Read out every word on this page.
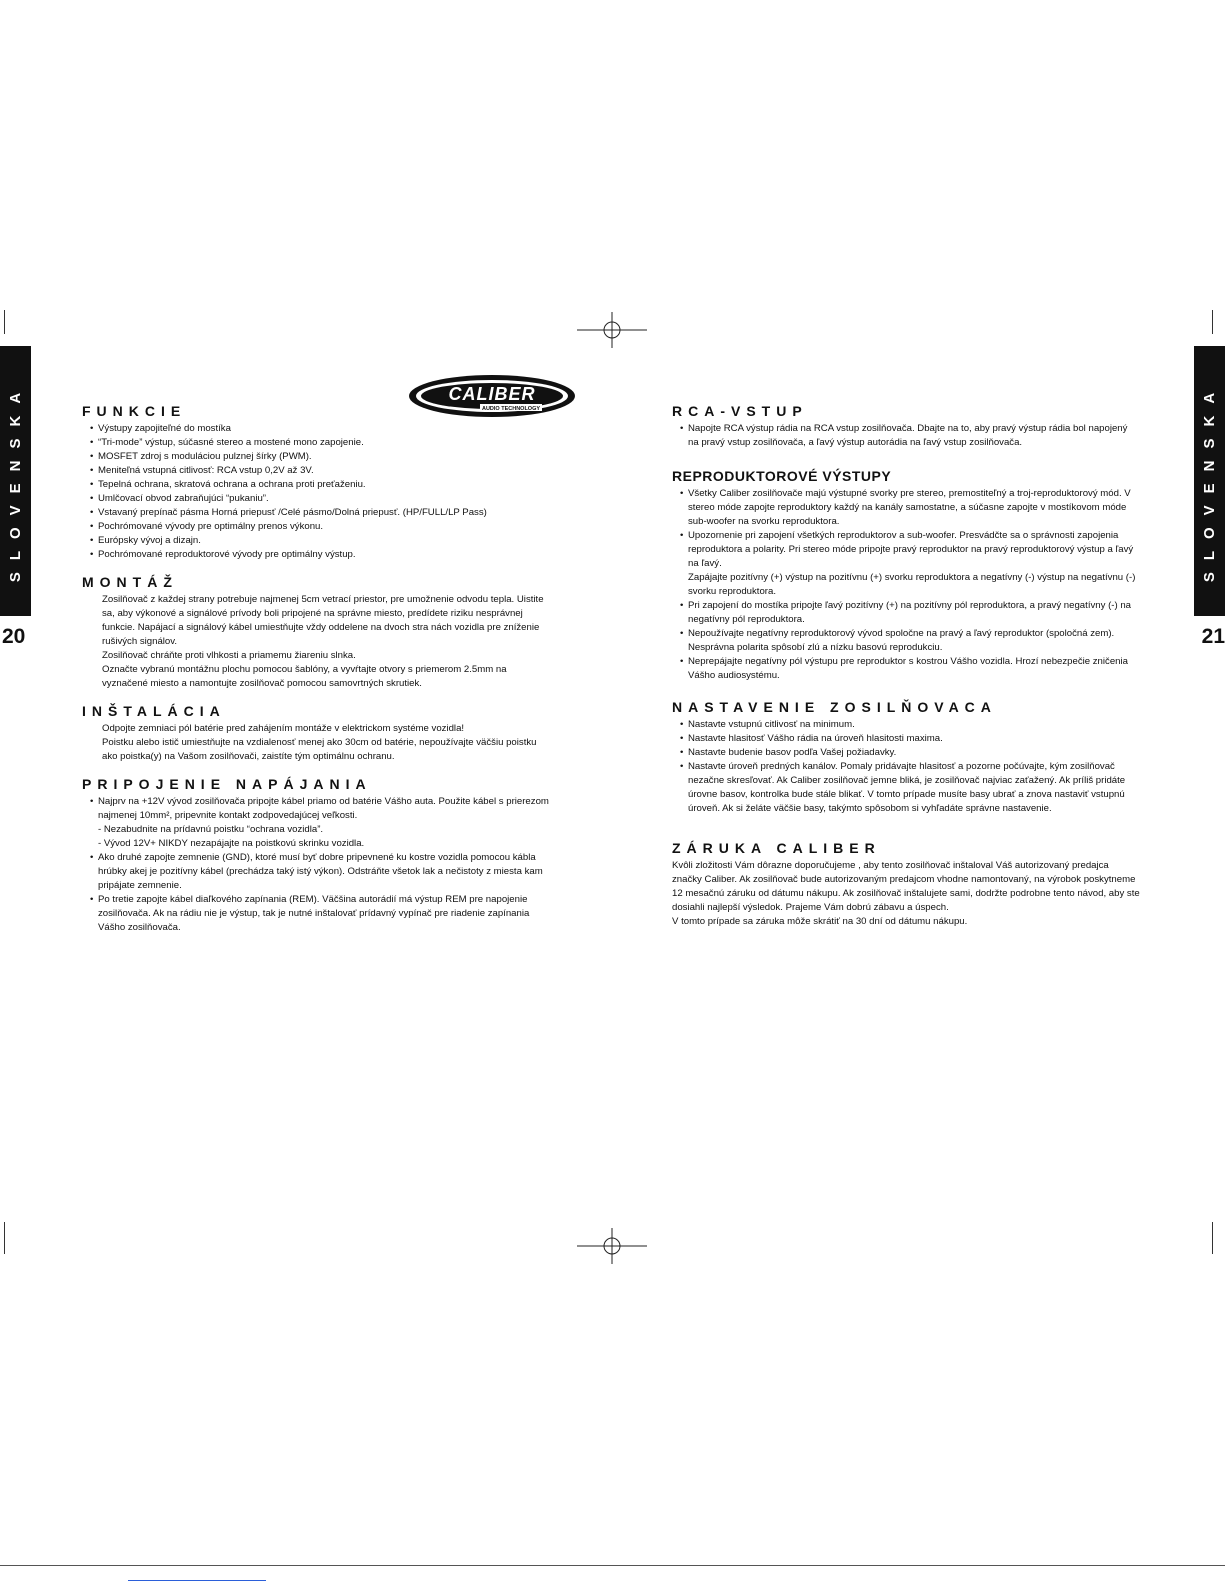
SLOVENSKA	SLOVENSKA
20	21
CALIBER
AUDIO TECHNOLOGY
FUNKCIE
• Výstupy zapojiteľné do mostíka
• “Tri-mode” výstup, súčasné stereo a mostené mono zapojenie.
• MOSFET zdroj s moduláciou pulznej šírky (PWM).
• Meniteľná vstupná citlivosť: RCA vstup 0,2V až 3V.
• Tepelná ochrana, skratová ochrana a ochrana proti preťaženiu.
• Umlčovací obvod zabraňujúci “pukaniu”.
• Vstavaný prepínač pásma Horná priepusť /Celé pásmo/Dolná priepusť. (HP/FULL/LP Pass)
• Pochrómované vývody pre optimálny prenos výkonu.
• Európsky vývoj a dizajn.
• Pochrómované reproduktorové vývody pre optimálny výstup.
MONTÁŽ

Zosilňovač z každej strany potrebuje najmenej 5cm vetrací priestor, pre umožnenie odvodu tepla. Uistite sa, aby výkonové a signálové prívody boli pripojené na správne miesto, predídete riziku nesprávnej funkcie. Napájací a signálový kábel umiestňujte vždy oddelene na dvoch stra nách vozidla pre zníženie rušivých signálov.

Zosilňovač chráňte proti vlhkosti a priamemu žiareniu slnka.

Označte vybranú montážnu plochu pomocou šablóny, a vyvŕtajte otvory s priemerom 2.5mm na vyznačené miesto a namontujte zosilňovač pomocou samovrtných skrutiek.

INŠTALÁCIA

Odpojte zemniaci pól batérie pred zahájením montáže v elektrickom systéme vozidla!

Poistku alebo istič umiestňujte na vzdialenosť menej ako 30cm od batérie, nepoužívajte väčšiu poistku ako poistka(y) na Vašom zosilňovači, zaistíte tým optimálnu ochranu.

PRIPOJENIE NAPÁJANIA

• Najprv na +12V vývod zosilňovača pripojte kábel priamo od batérie Vášho auta. Použite kábel s prierezom najmenej 10mm², pripevnite kontakt zodpovedajúcej veľkosti.

- Nezabudnite na prídavnú poistku “ochrana vozidla”.

- Vývod 12V+ NIKDY nezapájajte na poistkovú skrinku vozidla.

• Ako druhé zapojte zemnenie (GND), ktoré musí byť dobre pripevnené ku kostre vozidla pomocou kábla hrúbky akej je pozitívny kábel (prechádza taký istý výkon). Odstráňte všetok lak a nečistoty z miesta kam pripájate zemnenie.

• Po tretie zapojte kábel diaľkového zapínania (REM). Väčšina autorádií má výstup REM pre napojenie zosilňovača. Ak na rádiu nie je výstup, tak je nutné inštalovať prídavný vypínač pre riadenie zapínania Vášho zosilňovača.

RCA-VSTUP
• Napojte RCA výstup rádia na RCA vstup zosilňovača. Dbajte na to, aby pravý výstup rádia bol napojený na pravý vstup zosilňovača, a ľavý výstup autorádia na ľavý vstup zosilňovača.
REPRODUKTOROVÉ VÝSTUPY

• Všetky Caliber zosilňovače majú výstupné svorky pre stereo, premostiteľný a troj-reproduktorový mód. V stereo móde zapojte reproduktory každý na kanály samostatne, a súčasne zapojte v mostíkovom móde sub-woofer na svorku reproduktora.

• Upozornenie pri zapojení všetkých reproduktorov a sub-woofer. Presvádčte sa o správnosti zapojenia reproduktora a polarity. Pri stereo móde pripojte pravý reproduktor na pravý reproduktorový výstup a ľavý na ľavý.

Zapájajte pozitívny (+) výstup na pozitívnu (+) svorku reproduktora a negatívny (-) výstup na negatívnu (-) svorku reproduktora.

• Pri zapojení do mostíka pripojte ľavý pozitívny (+) na pozitívny pól reproduktora, a pravý negatívny (-) na negatívny pól reproduktora.

• Nepoužívajte negatívny reproduktorový vývod spoločne na pravý a ľavý reproduktor (spoločná zem). Nesprávna polarita spôsobí zlú a nízku basovú reprodukciu.

• Neprepájajte negatívny pól výstupu pre reproduktor s kostrou Vášho vozidla. Hrozí nebezpečie zničenia Vášho audiosystému.

NASTAVENIE ZOSILŇOVACA
• Nastavte vstupnú citlivosť na minimum.
• Nastavte hlasitosť Vášho rádia na úroveň hlasitosti maxima.
• Nastavte budenie basov podľa Vašej požiadavky.
• Nastavte úroveň predných kanálov. Pomaly pridávajte hlasitosť a pozorne počúvajte, kým zosilňovač nezačne skresľovať. Ak Caliber zosilňovač jemne bliká, je zosilňovač najviac zaťažený. Ak príliš pridáte úrovne basov, kontrolka bude stále blikať. V tomto prípade musíte basy ubrať a znova nastaviť vstupnú úroveň. Ak si želáte väčšie basy, takýmto spôsobom si vyhľadáte správne nastavenie.
ZÁRUKA CALIBER

Kvôli zložitosti Vám dôrazne doporučujeme , aby tento zosilňovač inštaloval Váš autorizovaný predajca značky Caliber. Ak zosilňovač bude autorizovaným predajcom vhodne namontovaný, na výrobok poskytneme 12 mesačnú záruku od dátumu nákupu. Ak zosilňovač inštalujete sami, dodržte podrobne tento návod, aby ste dosiahli najlepší výsledok. Prajeme Vám dobrú zábavu a úspech.

V tomto prípade sa záruka môže skrátiť na 30 dní od dátumu nákupu.
